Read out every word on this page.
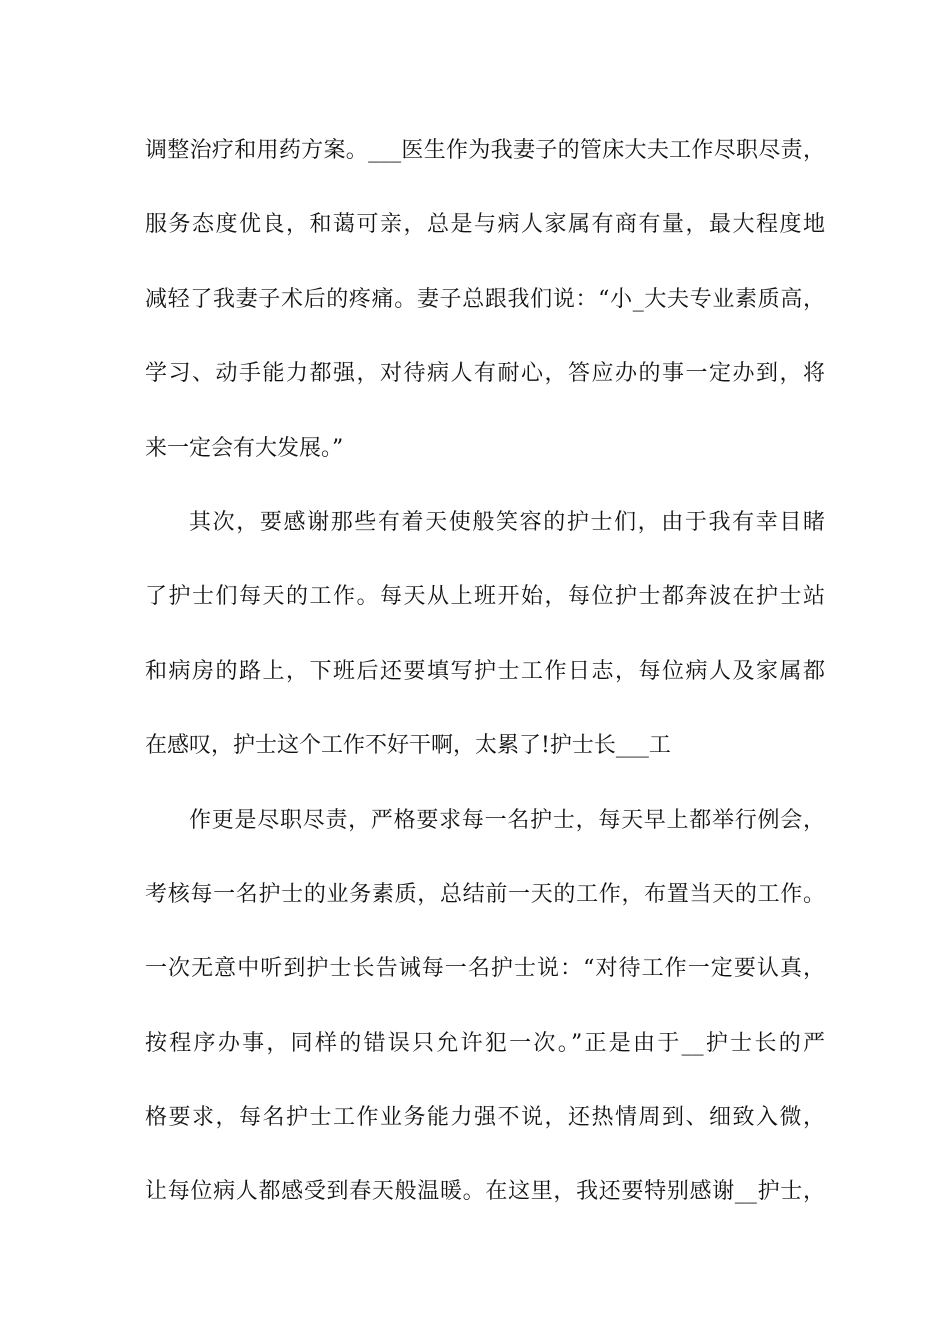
调整治疗和用药方案。___医生作为我妻子的管床大夫工作尽职尽责，
服务态度优良，和蔼可亲，总是与病人家属有商有量，最大程度地
减轻了我妻子术后的疼痛。妻子总跟我们说：“小_大夫专业素质高，
学习、动手能力都强，对待病人有耐心，答应办的事一定办到，将
来一定会有大发展。”
其次，要感谢那些有着天使般笑容的护士们，由于我有幸目睹
了护士们每天的工作。每天从上班开始，每位护士都奔波在护士站
和病房的路上，下班后还要填写护士工作日志，每位病人及家属都
在感叹，护士这个工作不好干啊，太累了!护士长___工
作更是尽职尽责，严格要求每一名护士，每天早上都举行例会，
考核每一名护士的业务素质，总结前一天的工作，布置当天的工作。
一次无意中听到护士长告诫每一名护士说：“对待工作一定要认真，
按程序办事，同样的错误只允许犯一次。”正是由于__护士长的严
格要求，每名护士工作业务能力强不说，还热情周到、细致入微，
让每位病人都感受到春天般温暖。在这里，我还要特别感谢__护士，
